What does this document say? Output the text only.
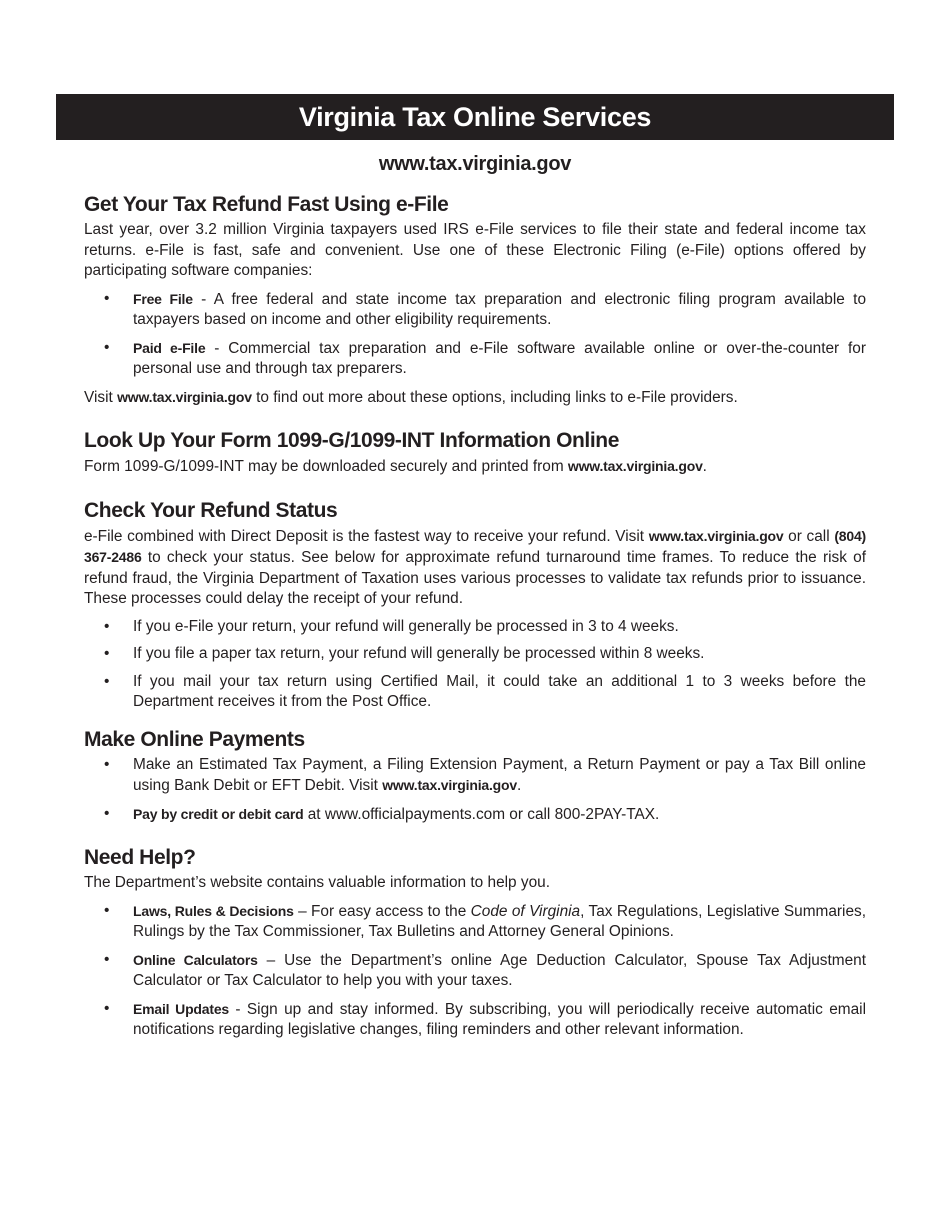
Virginia Tax Online Services
www.tax.virginia.gov
Get Your Tax Refund Fast Using e-File

Last year, over 3.2 million Virginia taxpayers used IRS e-File services to file their state and federal income tax returns. e-File is fast, safe and convenient. Use one of these Electronic Filing (e-File) options offered by participating software companies:

• Free File - A free federal and state income tax preparation and electronic filing program available to taxpayers based on income and other eligibility requirements.
• Paid e-File - Commercial tax preparation and e-File software available online or over-the-counter for personal use and through tax preparers.

Visit www.tax.virginia.gov to find out more about these options, including links to e-File providers.

Look Up Your Form 1099-G/1099-INT Information Online

Form 1099-G/1099-INT may be downloaded securely and printed from www.tax.virginia.gov.

Check Your Refund Status

e-File combined with Direct Deposit is the fastest way to receive your refund. Visit www.tax.virginia.gov or call (804) 367-2486 to check your status. See below for approximate refund turnaround time frames. To reduce the risk of refund fraud, the Virginia Department of Taxation uses various processes to validate tax refunds prior to issuance. These processes could delay the receipt of your refund.

• If you e-File your return, your refund will generally be processed in 3 to 4 weeks.
• If you file a paper tax return, your refund will generally be processed within 8 weeks.
• If you mail your tax return using Certified Mail, it could take an additional 1 to 3 weeks before the Department receives it from the Post Office.
Make Online Payments
• Make an Estimated Tax Payment, a Filing Extension Payment, a Return Payment or pay a Tax Bill online using Bank Debit or EFT Debit. Visit www.tax.virginia.gov.
• Pay by credit or debit card at www.officialpayments.com or call 800-2PAY-TAX.
Need Help?

The Department’s website contains valuable information to help you.

• Laws, Rules & Decisions – For easy access to the Code of Virginia, Tax Regulations, Legislative Summaries, Rulings by the Tax Commissioner, Tax Bulletins and Attorney General Opinions.
• Online Calculators – Use the Department’s online Age Deduction Calculator, Spouse Tax Adjustment Calculator or Tax Calculator to help you with your taxes.
• Email Updates - Sign up and stay informed. By subscribing, you will periodically receive automatic email notifications regarding legislative changes, filing reminders and other relevant information.
